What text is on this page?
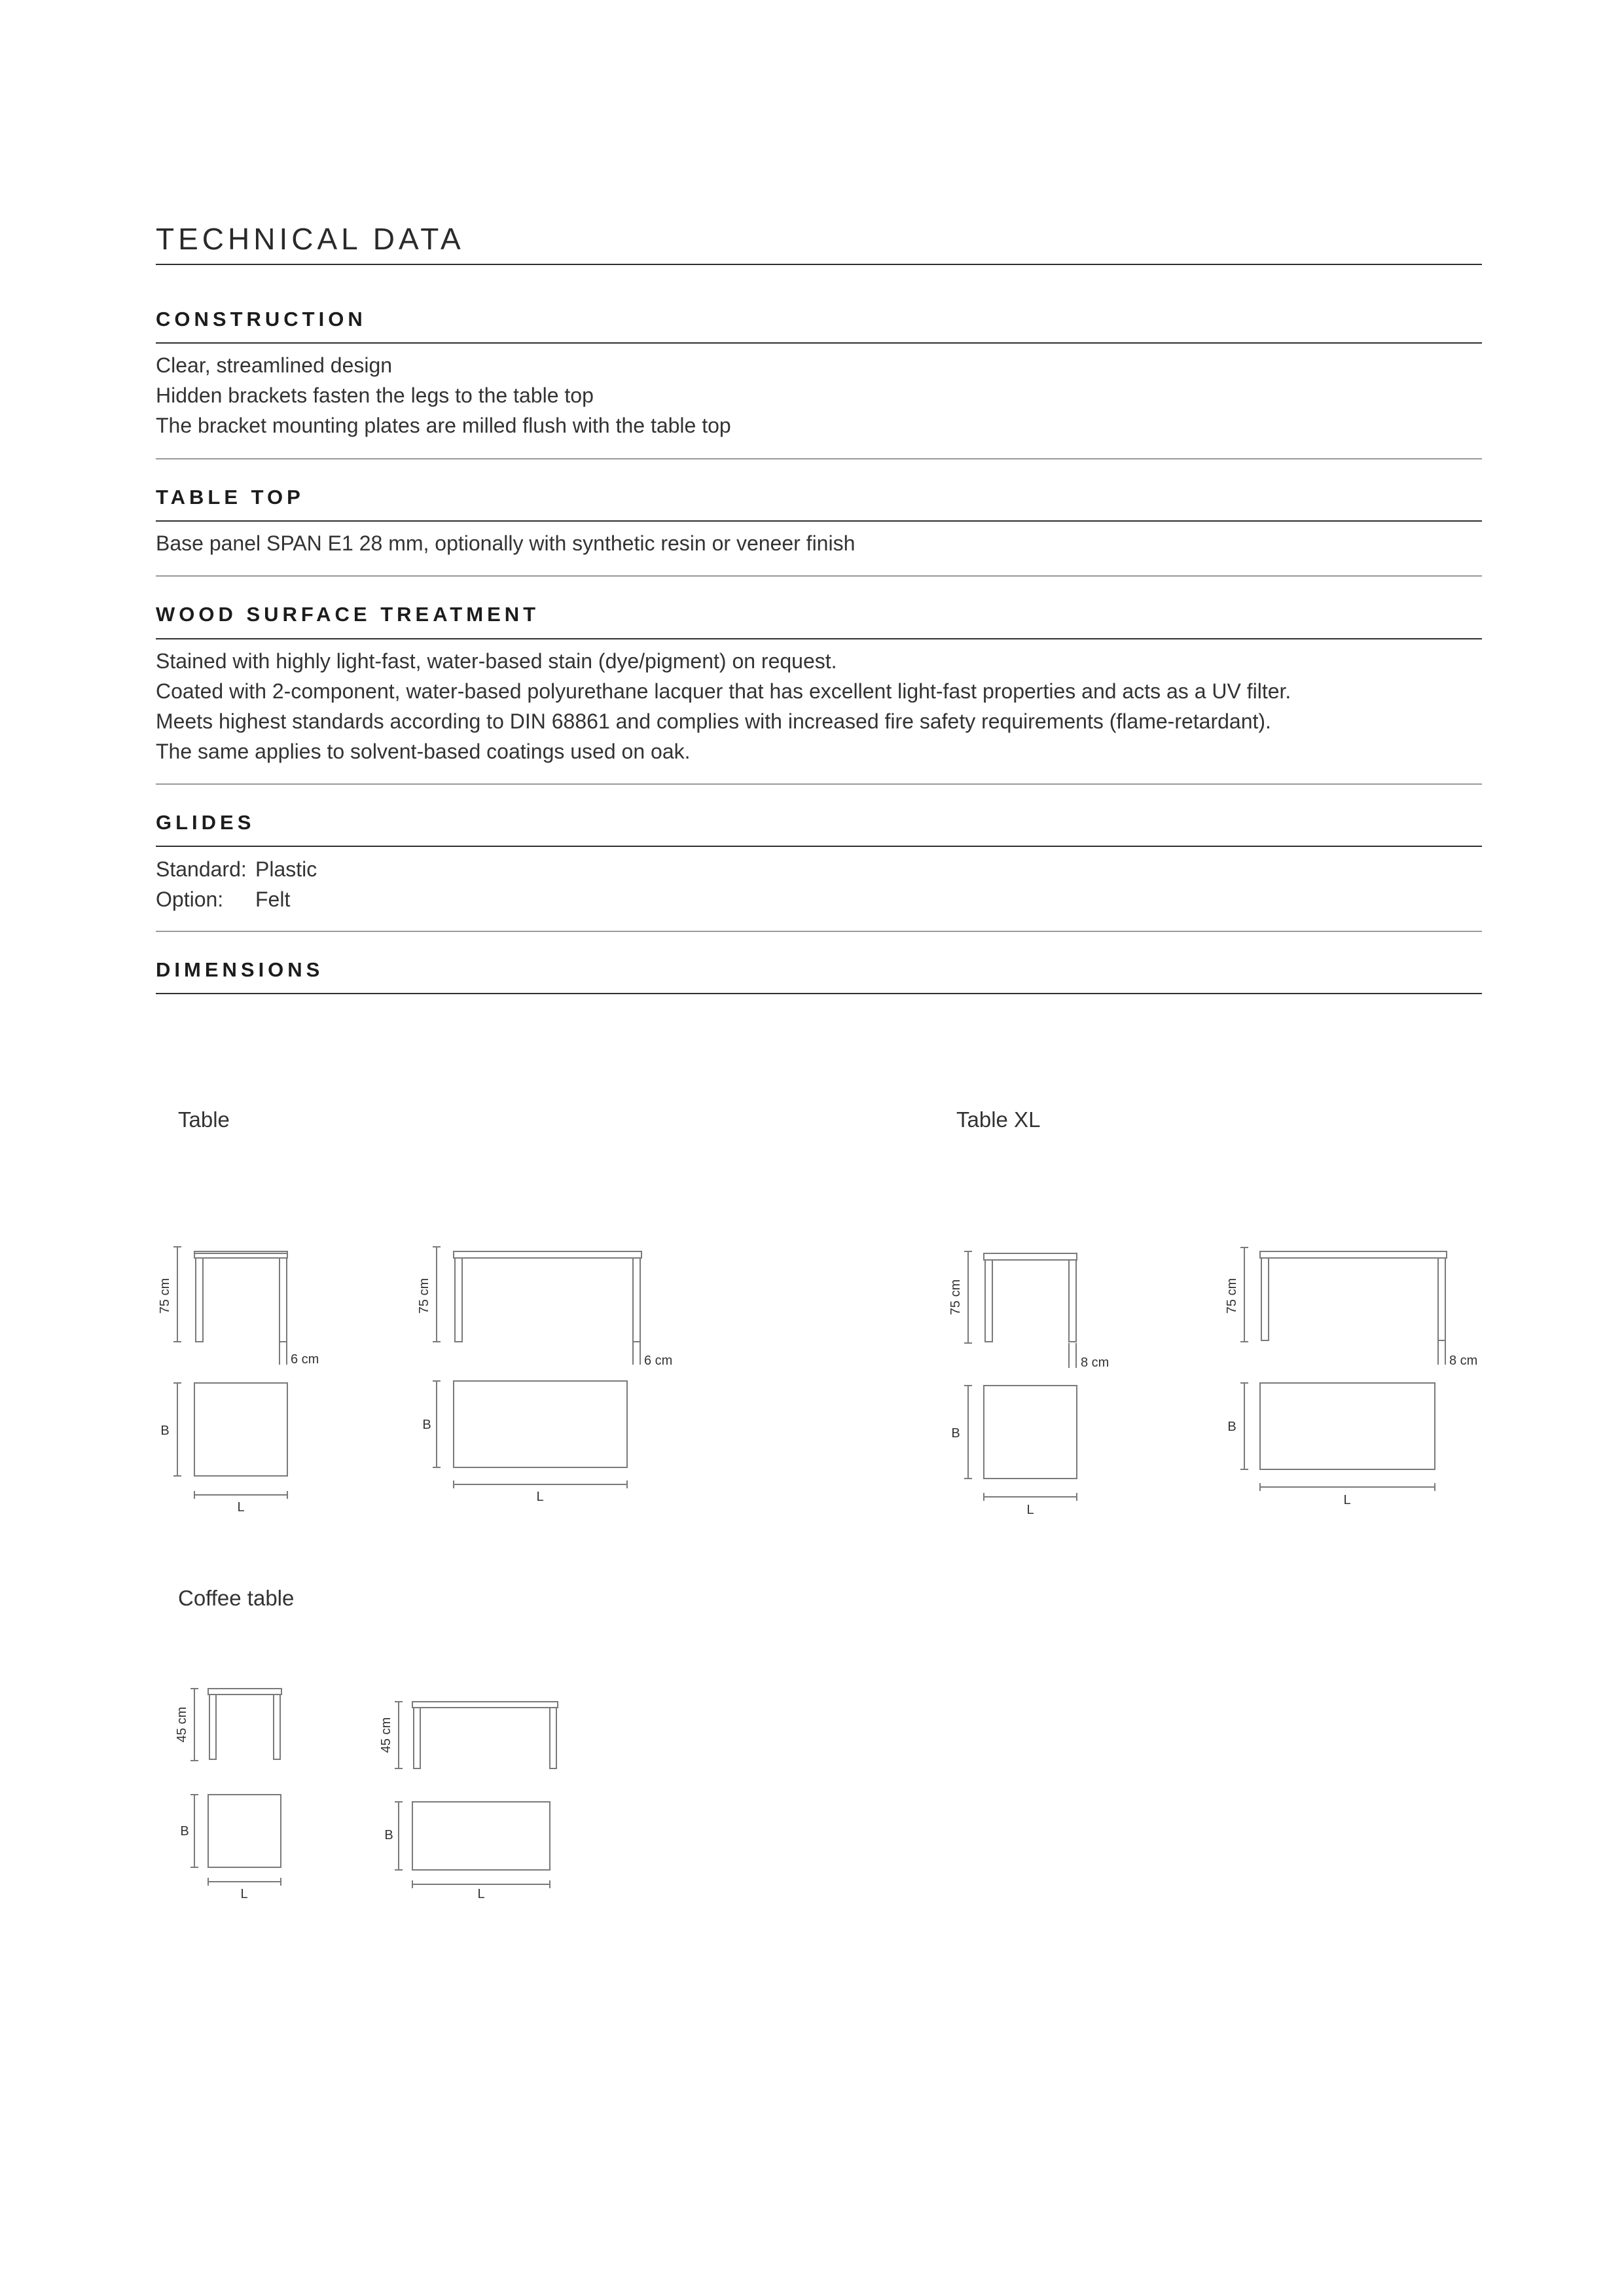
TECHNICAL DATA
CONSTRUCTION
Clear, streamlined design
Hidden brackets fasten the legs to the table top
The bracket mounting plates are milled flush with the table top
TABLE TOP
Base panel SPAN E1 28 mm, optionally with synthetic resin or veneer finish
WOOD SURFACE TREATMENT
Stained with highly light-fast, water-based stain (dye/pigment) on request.
Coated with 2-component, water-based polyurethane lacquer that has excellent light-fast properties and acts as a UV filter.
Meets highest standards according to DIN 68861 and complies with increased fire safety requirements (flame-retardant).
The same applies to solvent-based coatings used on oak.
GLIDES
Standard: Plastic
Option:	Felt
DIMENSIONS
Table	Table XL
Coffee table
75 cm
6 cm
B
L
75 cm
6 cm
B
L
75 cm
8 cm
B
L
75 cm
8 cm
B
L
45 cm
B
L
45 cm
B
L
